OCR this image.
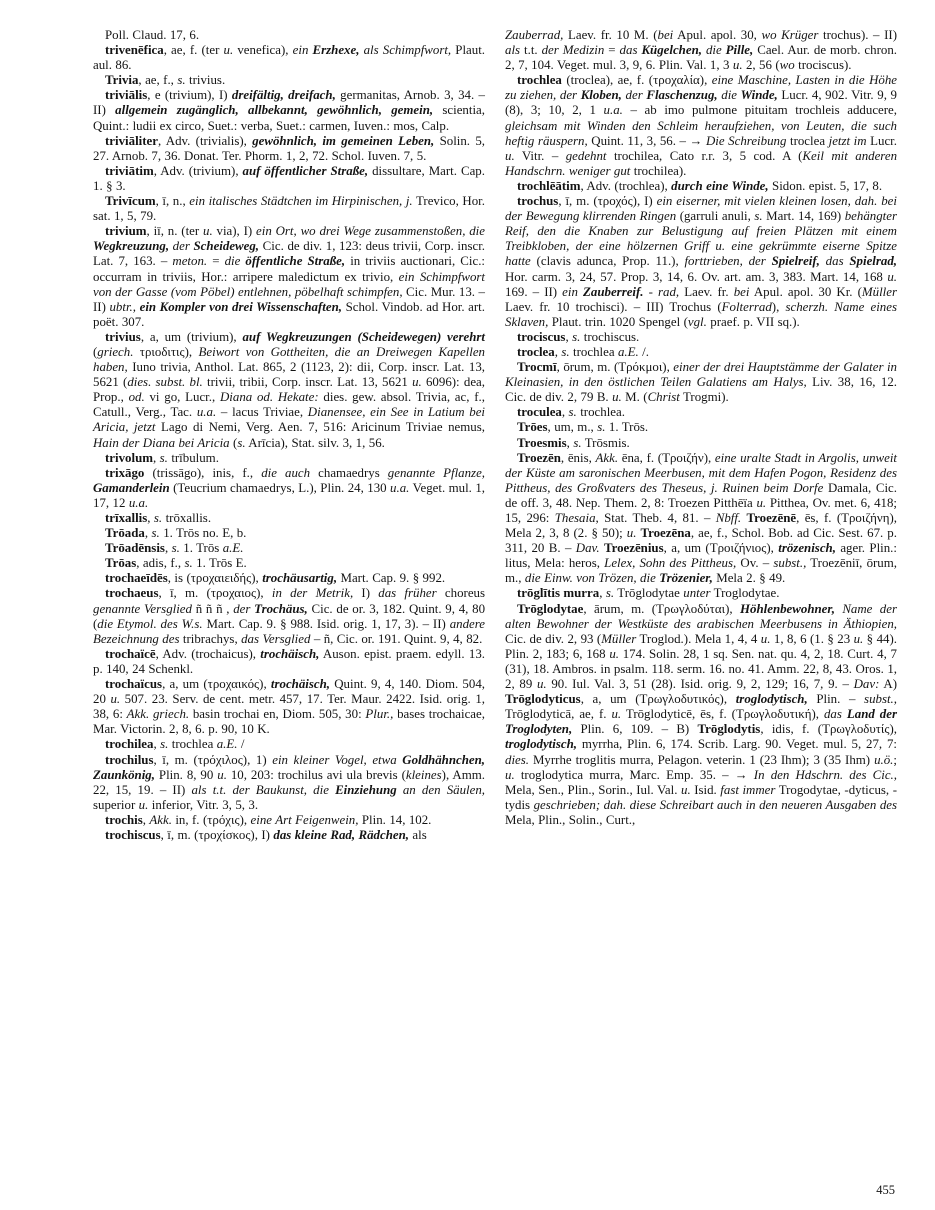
Poll. Claud. 17, 6.

trivenēfica, ae, f. (ter u. venefica), ein Erzhexe, als Schimpfwort, Plaut. aul. 86.

Trivia, ae, f., s. trivius.

triviālis, e (trivium), I) dreifältig, dreifach, germanitas, Arnob. 3, 34. – II) allgemein zugänglich, allbekannt, gewöhnlich, gemein, scientia, Quint.: ludii ex circo, Suet.: verba, Suet.: carmen, Iuven.: mos, Calp.

triviāliter, Adv. (trivialis), gewöhnlich, im gemeinen Leben, Solin. 5, 27. Arnob. 7, 36. Donat. Ter. Phorm. 1, 2, 72. Schol. Iuven. 7, 5.

triviātim, Adv. (trivium), auf öffentlicher Straße, dissultare, Mart. Cap. 1. § 3.

Trivīcum, ī, n., ein italisches Städtchen im Hirpinischen, j. Trevico, Hor. sat. 1, 5, 79.

trivium, iī, n. (ter u. via), I) ein Ort, wo drei Wege zusammenstoßen, die Wegkreuzung, der Scheideweg, Cic. de div. 1, 123: deus trivii, Corp. inscr. Lat. 7, 163. – meton. = die öffentliche Straße, in triviis auctionari, Cic.: occurram in triviis, Hor.: arripere maledictum ex trivio, ein Schimpfwort von der Gasse (vom Pöbel) entlehnen, pöbelhaft schimpfen, Cic. Mur. 13. – II) ubtr., ein Kompler von drei Wissenschaften, Schol. Vindob. ad Hor. art. poët. 307.

trivius, a, um (trivium), auf Wegkreuzungen (Scheidewegen) verehrt (griech. τριοδιτις), Beiwort von Gottheiten, die an Dreiwegen Kapellen haben, Iuno trivia, Anthol. Lat. 865, 2 (1123, 2): dii, Corp. inscr. Lat. 13, 5621 (dies. subst. bl. trivii, tribii, Corp. inscr. Lat. 13, 5621 u. 6096): dea, Prop., od. vi go, Lucr., Diana od. Hekate: dies. gew. absol. Trivia, ac, f., Catull., Verg., Tac. u.a. – lacus Triviae, Dianensee, ein See in Latium bei Aricia, jetzt Lago di Nemi, Verg. Aen. 7, 516: Aricinum Triviae nemus, Hain der Diana bei Aricia (s. Arīcia), Stat. silv. 3, 1, 56.

trivolum, s. trībulum.

trixāgo (trissāgo), inis, f., die auch chamaedrys genannte Pflanze, Gamanderlein (Teucrium chamaedrys, L.), Plin. 24, 130 u.a. Veget. mul. 1, 17, 12 u.a.

trīxallis, s. trōxallis.

Trōada, s. 1. Trōs no. E, b.

Trōadēnsis, s. 1. Trōs a.E.

Trōas, adis, f., s. 1. Trōs E.

trochaeīdēs, is (τροχαιειδής), trochäusartig, Mart. Cap. 9. § 992.

trochaeus, ī, m. (τροχαιος), in der Metrik, I) das früher choreus genannte Versglied ñ ñ ñ , der Trochäus, Cic. de or. 3, 182. Quint. 9, 4, 80 (die Etymol. des W.s. Mart. Cap. 9. § 988. Isid. orig. 1, 17, 3). – II) andere Bezeichnung des tribrachys, das Versglied – ñ, Cic. or. 191. Quint. 9, 4, 82.

trochaïcē, Adv. (trochaicus), trochäisch, Auson. epist. praem. edyll. 13. p. 140, 24 Schenkl.

trochaïcus, a, um (τροχαικός), trochäisch, Quint. 9, 4, 140. Diom. 504, 20 u. 507. 23. Serv. de cent. metr. 457, 17. Ter. Maur. 2422. Isid. orig. 1, 38, 6: Akk. griech. basin trochai en, Diom. 505, 30: Plur., bases trochaicae, Mar. Victorin. 2, 8, 6. p. 90, 10 K.

trochilea, s. trochlea a.E. /

trochilus, ī, m. (τρόχιλος), 1) ein kleiner Vogel, etwa Goldhähnchen, Zaunkönig, Plin. 8, 90 u. 10, 203: trochilus avi ula brevis (kleines), Amm. 22, 15, 19. – II) als t.t. der Baukunst, die Einziehung an den Säulen, superior u. inferior, Vitr. 3, 5, 3.

trochis, Akk. in, f. (τρόχις), eine Art Feigenwein, Plin. 14, 102.

trochiscus, ī, m. (τροχίσκος), I) das kleine Rad, Rädchen, als

Zauberrad, Laev. fr. 10 M. (bei Apul. apol. 30, wo Krüger trochus). – II) als t.t. der Medizin = das Kügelchen, die Pille, Cael. Aur. de morb. chron. 2, 7, 104. Veget. mul. 3, 9, 6. Plin. Val. 1, 3 u. 2, 56 (wo trociscus).

trochlea (troclea), ae, f. (τροχαλία), eine Maschine, Lasten in die Höhe zu ziehen, der Kloben, der Flaschenzug, die Winde, Lucr. 4, 902. Vitr. 9, 9 (8), 3; 10, 2, 1 u.a. – ab imo pulmone pituitam trochleis adducere, gleichsam mit Winden den Schleim heraufziehen, von Leuten, die such heftig räuspern, Quint. 11, 3, 56. – → Die Schreibung troclea jetzt im Lucr. u. Vitr. – gedehnt trochilea, Cato r.r. 3, 5 cod. A (Keil mit anderen Handschrn. weniger gut trochilea).

trochlēātim, Adv. (trochlea), durch eine Winde, Sidon. epist. 5, 17, 8.

trochus, ī, m. (τροχός), I) ein eiserner, mit vielen kleinen losen, dah. bei der Bewegung klirrenden Ringen (garruli anuli, s. Mart. 14, 169) behängter Reif, den die Knaben zur Belustigung auf freien Plätzen mit einem Treibkloben, der eine hölzernen Griff u. eine gekrümmte eiserne Spitze hatte (clavis adunca, Prop. 11.), forttrieben, der Spielreif, das Spielrad, Hor. carm. 3, 24, 57. Prop. 3, 14, 6. Ov. art. am. 3, 383. Mart. 14, 168 u. 169. – II) ein Zauberreif. - rad, Laev. fr. bei Apul. apol. 30 Kr. (Müller Laev. fr. 10 trochisci). – III) Trochus (Folterrad), scherzh. Name eines Sklaven, Plaut. trin. 1020 Spengel (vgl. praef. p. VII sq.).

trociscus, s. trochiscus.

troclea, s. trochlea a.E. /.

Trocmī, ōrum, m. (Τρόκμοι), einer der drei Hauptstämme der Galater in Kleinasien, in den östlichen Teilen Galatiens am Halys, Liv. 38, 16, 12. Cic. de div. 2, 79 B. u. M. (Christ Trogmi).

troculea, s. trochlea.

Trōes, um, m., s. 1. Trōs.

Troesmis, s. Trōsmis.

Troezēn, ēnis, Akk. ēna, f. (Τροιζήν), eine uralte Stadt in Argolis, unweit der Küste am saronischen Meerbusen, mit dem Hafen Pogon, Residenz des Pittheus, des Großvaters des Theseus, j. Ruinen beim Dorfe Damala, Cic. de off. 3, 48. Nep. Them. 2, 8: Troezen Pitthēïa u. Pitthea, Ov. met. 6, 418; 15, 296: Thesaia, Stat. Theb. 4, 81. – Nbff. Troezēnē, ēs, f. (Τροιζήνη), Mela 2, 3, 8 (2. § 50); u. Troezēna, ae, f., Schol. Bob. ad Cic. Sest. 67. p. 311, 20 B. – Dav. Troezēnius, a, um (Τροιζήνιος), trözenisch, ager. Plin.: litus, Mela: heros, Lelex, Sohn des Pittheus, Ov. – subst., Troezēniī, ōrum, m., die Einw. von Trözen, die Trözenier, Mela 2. § 49.

trōglītis murra, s. Trōglodytae unter Troglodytae.

Trōglodytae, ārum, m. (Τρωγλοδύται), Höhlenbewohner, Name der alten Bewohner der Westküste des arabischen Meerbusens in Äthiopien, Cic. de div. 2, 93 (Müller Troglod.). Mela 1, 4, 4 u. 1, 8, 6 (1. § 23 u. § 44). Plin. 2, 183; 6, 168 u. 174. Solin. 28, 1 sq. Sen. nat. qu. 4, 2, 18. Curt. 4, 7 (31), 18. Ambros. in psalm. 118. serm. 16. no. 41. Amm. 22, 8, 43. Oros. 1, 2, 89 u. 90. Iul. Val. 3, 51 (28). Isid. orig. 9, 2, 129; 16, 7, 9. – Dav: A) Trōglodyticus, a, um (Τρωγλοδυτικός), troglodytisch, Plin. – subst., Trōglodyticā, ae, f. u. Trōglodyticē, ēs, f. (Τρωγλοδυτική), das Land der Troglodyten, Plin. 6, 109. – B) Trōglodytis, idis, f. (Τρωγλοδυτίς), troglodytisch, myrrha, Plin. 6, 174. Scrib. Larg. 90. Veget. mul. 5, 27, 7: dies. Myrrhe troglitis murra, Pelagon. veterin. 1 (23 Ihm); 3 (35 Ihm) u.ö.; u. troglodytica murra, Marc. Emp. 35. – → In den Hdschrn. des Cic., Mela, Sen., Plin., Sorin., Iul. Val. u. Isid. fast immer Trogodytae, -dyticus, -tydis geschrieben; dah. diese Schreibart auch in den neueren Ausgaben des Mela, Plin., Solin., Curt.,

455
